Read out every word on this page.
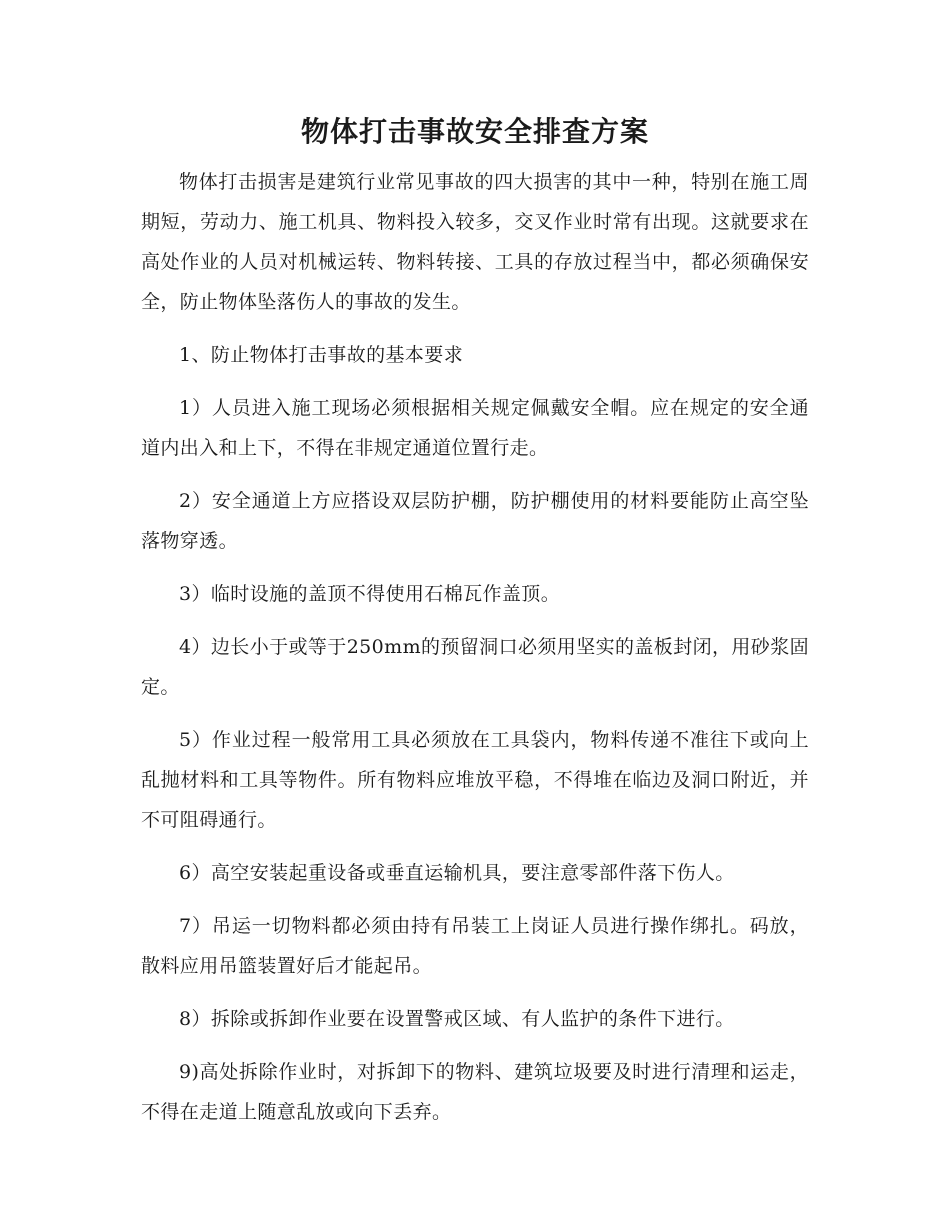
物体打击事故安全排查方案

物体打击损害是建筑行业常见事故的四大损害的其中一种，特别在施工周期短，劳动力、施工机具、物料投入较多，交叉作业时常有出现。这就要求在高处作业的人员对机械运转、物料转接、工具的存放过程当中，都必须确保安全，防止物体坠落伤人的事故的发生。

1、防止物体打击事故的基本要求

1）人员进入施工现场必须根据相关规定佩戴安全帽。应在规定的安全通道内出入和上下，不得在非规定通道位置行走。

2）安全通道上方应搭设双层防护棚，防护棚使用的材料要能防止高空坠落物穿透。

3）临时设施的盖顶不得使用石棉瓦作盖顶。

4）边长小于或等于250mm的预留洞口必须用坚实的盖板封闭，用砂浆固定。

5）作业过程一般常用工具必须放在工具袋内，物料传递不准往下或向上乱抛材料和工具等物件。所有物料应堆放平稳，不得堆在临边及洞口附近，并不可阻碍通行。

6）高空安装起重设备或垂直运输机具，要注意零部件落下伤人。

7）吊运一切物料都必须由持有吊装工上岗证人员进行操作绑扎。码放，散料应用吊篮装置好后才能起吊。

8）拆除或拆卸作业要在设置警戒区域、有人监护的条件下进行。

9)高处拆除作业时，对拆卸下的物料、建筑垃圾要及时进行清理和运走，不得在走道上随意乱放或向下丢弃。
